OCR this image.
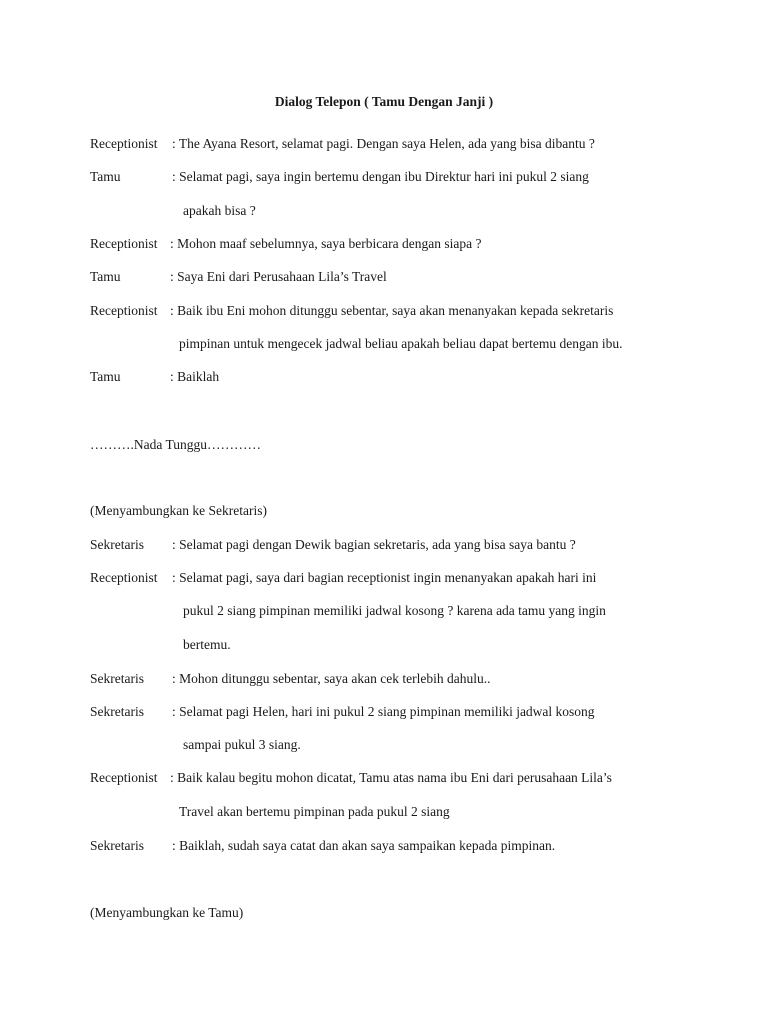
Dialog Telepon ( Tamu Dengan Janji )
Receptionist : The Ayana Resort, selamat pagi. Dengan saya Helen, ada yang bisa dibantu ?
Tamu	: Selamat pagi, saya ingin bertemu dengan ibu Direktur hari ini pukul 2 siang
apakah bisa ?
Receptionist : Mohon maaf sebelumnya, saya berbicara dengan siapa ?
Tamu	: Saya Eni dari Perusahaan Lila’s Travel
Receptionist : Baik ibu Eni mohon ditunggu sebentar, saya akan menanyakan kepada sekretaris
pimpinan untuk mengecek jadwal beliau apakah beliau dapat bertemu dengan ibu.
Tamu	: Baiklah
……….Nada Tunggu…………
(Menyambungkan ke Sekretaris)
Sekretaris : Selamat pagi dengan Dewik bagian sekretaris, ada yang bisa saya bantu ?
Receptionist : Selamat pagi, saya dari bagian receptionist ingin menanyakan apakah hari ini
pukul 2 siang pimpinan memiliki jadwal kosong ? karena ada tamu yang ingin
bertemu.
Sekretaris : Mohon ditunggu sebentar, saya akan cek terlebih dahulu..
Sekretaris : Selamat pagi Helen, hari ini pukul 2 siang pimpinan memiliki jadwal kosong
sampai pukul 3 siang.
Receptionist : Baik kalau begitu mohon dicatat, Tamu atas nama ibu Eni dari perusahaan Lila’s
Travel akan bertemu pimpinan pada pukul 2 siang
Sekretaris : Baiklah, sudah saya catat dan akan saya sampaikan kepada pimpinan.
(Menyambungkan ke Tamu)
